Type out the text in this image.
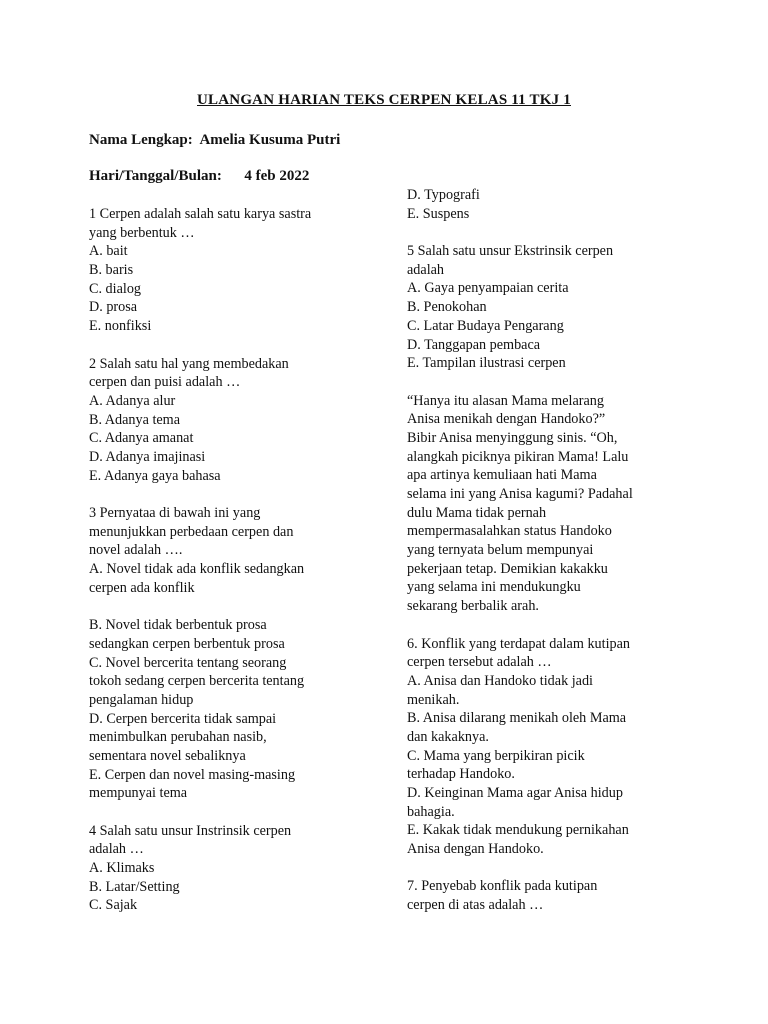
ULANGAN HARIAN TEKS CERPEN KELAS 11 TKJ 1
Nama Lengkap: Amelia Kusuma Putri
Hari/Tanggal/Bulan: 4 feb 2022
1 Cerpen adalah salah satu karya sastra
yang berbentuk …
A. bait
B. baris
C. dialog
D. prosa
E. nonfiksi
2 Salah satu hal yang membedakan
cerpen dan puisi adalah …
A. Adanya alur
B. Adanya tema
C. Adanya amanat
D. Adanya imajinasi
E. Adanya gaya bahasa
3 Pernyataa di bawah ini yang
menunjukkan perbedaan cerpen dan
novel adalah ….
A. Novel tidak ada konflik sedangkan
cerpen ada konflik
B. Novel tidak berbentuk prosa
sedangkan cerpen berbentuk prosa
C. Novel bercerita tentang seorang
tokoh sedang cerpen bercerita tentang
pengalaman hidup
D. Cerpen bercerita tidak sampai
menimbulkan perubahan nasib,
sementara novel sebaliknya
E. Cerpen dan novel masing-masing
mempunyai tema
4 Salah satu unsur Instrinsik cerpen
adalah …
A. Klimaks
B. Latar/Setting
C. Sajak
D. Typografi
E. Suspens
5 Salah satu unsur Ekstrinsik cerpen
adalah
A. Gaya penyampaian cerita
B. Penokohan
C. Latar Budaya Pengarang
D. Tanggapan pembaca
E. Tampilan ilustrasi cerpen
“Hanya itu alasan Mama melarang
Anisa menikah dengan Handoko?”
Bibir Anisa menyinggung sinis. “Oh,
alangkah piciknya pikiran Mama! Lalu
apa artinya kemuliaan hati Mama
selama ini yang Anisa kagumi? Padahal
dulu Mama tidak pernah
mempermasalahkan status Handoko
yang ternyata belum mempunyai
pekerjaan tetap. Demikian kakakku
yang selama ini mendukungku
sekarang berbalik arah.
6. Konflik yang terdapat dalam kutipan
cerpen tersebut adalah …
A. Anisa dan Handoko tidak jadi
menikah.
B. Anisa dilarang menikah oleh Mama
dan kakaknya.
C. Mama yang berpikiran picik
terhadap Handoko.
D. Keinginan Mama agar Anisa hidup
bahagia.
E. Kakak tidak mendukung pernikahan
Anisa dengan Handoko.
7. Penyebab konflik pada kutipan
cerpen di atas adalah …
